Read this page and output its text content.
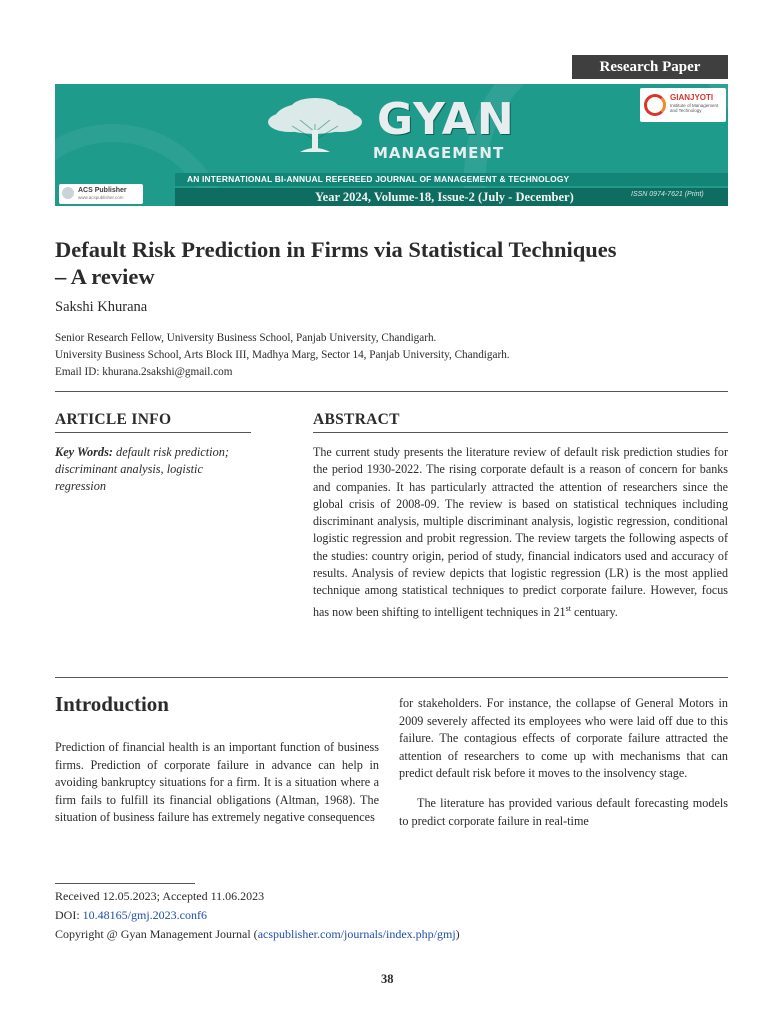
Research Paper
GYAN
MANAGEMENT
GIANJYOTI
Institute of Management and Technology
AN INTERNATIONAL BI-ANNUAL REFEREED JOURNAL OF MANAGEMENT & TECHNOLOGY
Year 2024, Volume-18, Issue-2 (July - December)	ISSN 0974-7621 (Print)
ACS Publisher
www.acspublisher.com
Default Risk Prediction in Firms via Statistical Techniques
– A review
Sakshi Khurana
Senior Research Fellow, University Business School, Panjab University, Chandigarh.
University Business School, Arts Block III, Madhya Marg, Sector 14, Panjab University, Chandigarh.
Email ID: khurana.2sakshi@gmail.com
ARTICLE INFO
Key Words: default risk prediction; discriminant analysis, logistic regression
ABSTRACT
The current study presents the literature review of default risk prediction studies for the period 1930-2022. The rising corporate default is a reason of concern for banks and companies. It has particularly attracted the attention of researchers since the global crisis of 2008-09. The review is based on statistical techniques including discriminant analysis, multiple discriminant analysis, logistic regression, conditional logistic regression and probit regression. The review targets the following aspects of the studies: country origin, period of study, financial indicators used and accuracy of results. Analysis of review depicts that logistic regression (LR) is the most applied technique among statistical techniques to predict corporate failure. However, focus has now been shifting to intelligent techniques in 21st centuary.
Introduction

Prediction of financial health is an important function of business firms. Prediction of corporate failure in advance can help in avoiding bankruptcy situations for a firm. It is a situation where a firm fails to fulfill its financial obligations (Altman, 1968). The situation of business failure has extremely negative consequences

for stakeholders. For instance, the collapse of General Motors in 2009 severely affected its employees who were laid off due to this failure. The contagious effects of corporate failure attracted the attention of researchers to come up with mechanisms that can predict default risk before it moves to the insolvency stage.

The literature has provided various default forecasting models to predict corporate failure in real-time

Received 12.05.2023; Accepted 11.06.2023
DOI: 10.48165/gmj.2023.conf6
Copyright @ Gyan Management Journal (acspublisher.com/journals/index.php/gmj)
38
